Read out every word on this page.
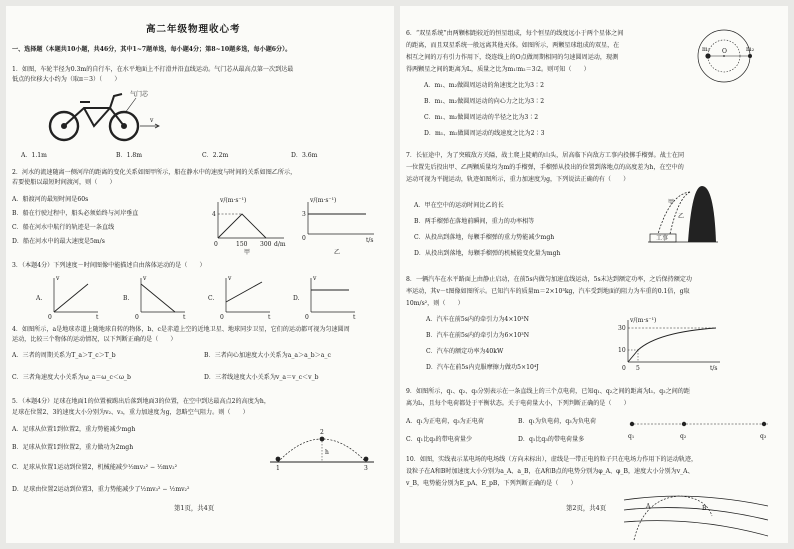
高二年级物理收心考
一、选择题（本题共10小题，共46分，其中1~7题单选，每小题4分；第8~10题多选，每小题6分）。
1．如图，车轮半径为0.3m的自行车，在水平地面上不打滑并沿直线运动。气门芯从最高点第一次到达最
低点的位移大小约为（取π＝3）（　　）
v
气门芯
A．1.1m	B．1.8m	C．2.2m	D．3.6m
2．河水的流速随离一侧河岸的距离的变化关系如图甲所示，船在静水中的速度与时间的关系如图乙所示，
若要使船以最短时间渡河，则（　　）
A．船渡河的最短时间是60s
B．船在行驶过程中，船头必须始终与河岸垂直
C．船在河水中航行的轨迹是一条直线
D．船在河水中的最大速度是5m/s
v/(m·s⁻¹)
4
0	150 300 d/m
甲
v/(m·s⁻¹)
3
0	t/s
乙
3．（本题4分）下列速度－时间图像中能描述自由落体运动的是（　　）
A.
v
t
0
B.
v
t
0
C.
v
t
0
D.
v
t
0
4．如图所示，a是地球赤道上随地球自转的物体，b、c是赤道上空的近地卫星、地球同步卫星，它们的运动都可视为匀速圆周
运动，比较三个物体的运动情况，以下判断正确的是（　　）
A．三者的周期关系为T_a＞T_c＞T_b	B．三者向心加速度大小关系为a_a＞a_b＞a_c
C．三者角速度大小关系为ω_a＝ω_c＜ω_b	D．三者线速度大小关系为v_a＝v_c＜v_b
5．（本题4分）足球在地面1的位置被踢出后落到地面3的位置，在空中到达最高点2的高度为h，
足球在位置2、3的速度大小分别为v₂、v₃，重力加速度为g，忽略空气阻力。则（　　）
A．足球从位置1到位置2，重力势能减少mgh
B．足球从位置1到位置2，重力做功为2mgh
C．足球从位置1运动到位置2，机械能减少½mv₃² − ½mv₂²
D．足球由位置2运动到位置3，重力势能减少了½mv₃² − ½mv₂²
h
1
2
3
第1页，共4页
6．“双星系统”由两颗相距较近的恒星组成，每个恒星的线度远小于两个星体之间
的距离，而且双星系统一般远离其他天体。如图所示，两颗星球组成的双星，在
相互之间的万有引力作用下，绕连线上的O点做周期相同的匀速圆周运动，现测
得两颗星之间的距离为L，质量之比为m₁∶m₂＝3∶2。则可知（　　）
A．m₁、m₂做圆周运动的角速度之比为3∶2
B．m₁、m₂做圆周运动的向心力之比为3∶2
C．m₁、m₂做圆周运动的半径之比为3∶2
D．m₁、m₂做圆周运动的线速度之比为2∶3
m₁ O	m₂
7．长征途中，为了突破敌方关隘，战士爬上陡峭的山头，居高临下向敌方工事内投掷手榴弹。战士在同
一位置先后投出甲、乙两颗质量均为m的手榴弹，手榴弹从投出的位置到落地点的高度差为h，在空中的
运动可视为平抛运动，轨迹如图所示，重力加速度为g，下列说法正确的有（　　）
A．甲在空中的运动时间比乙的长
B．两手榴弹在落地前瞬间，重力的功率相等
C．从投出到落地，每颗手榴弹的重力势能减少mgh
D．从投出到落地，每颗手榴弹的机械能变化量为mgh
甲
乙
工事
8．一辆汽车在水平路面上由静止启动，在前5s内做匀加速直线运动，5s末达到额定功率，之后保持额定功
率运动，其v－t图像如图所示。已知汽车的质量m＝2×10³kg，汽车受到地面的阻力为车重的0.1倍，g取
10m/s²，则（　　）
A．汽车在前5s内的牵引力为4×10³N
B．汽车在前5s内的牵引力为6×10³N
C．汽车的额定功率为40kW
D．汽车在前5s内克服摩擦力做功5×10⁴J
v/(m·s⁻¹)
30
10
0 5	t/s
9．如图所示，q₁、q₂、q₃分别表示在一条直线上的三个点电荷，已知q₁、q₂之间的距离为l₁，q₂之间的距
离为l₂，且每个电荷都处于平衡状态。关于电荷量大小，下列判断正确的是（　　）
A．q₁为正电荷，q₃为正电荷	B．q₁为负电荷，q₃为负电荷
C．q₁比q₃的带电荷量少	D．q₁比q₃的带电荷量多	q₁	q₂	q₃
10．如图，实线表示某电场的电场线（方向未标出），虚线是一带正电的粒子只在电场力作用下的运动轨迹，
设粒子在A和B时加速度大小分别为a_A、a_B，在A和B点的电势分别为φ_A、φ_B，速度大小分别为v_A、
v_B，电势能分别为E_pA、E_pB，下列判断正确的是（　　）
A	B
第2页，共4页
